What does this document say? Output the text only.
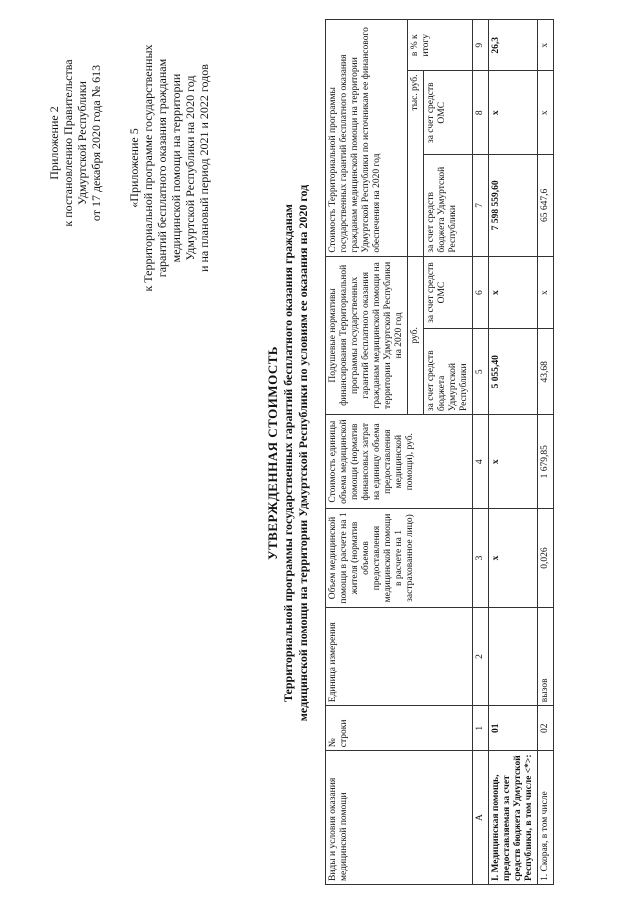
Приложение 2 к постановлению Правительства Удмуртской Республики от 17 декабря 2020 года № 613 «Приложение 5 к Территориальной программе государственных гарантий бесплатного оказания гражданам медицинской помощи на территории Удмуртской Республики на 2020 год и на плановый период 2021 и 2022 годов
УТВЕРЖДЕННАЯ СТОИМОСТЬ Территориальной программы государственных гарантий бесплатного оказания гражданам медицинской помощи на территории Удмуртской Республики по условиям ее оказания на 2020 год
Виды и условия оказания медицинской помощи	№ строки	Единица измерения	Объем медицинской помощи в расчете на 1 жителя (норматив объемов предоставления медицинской помощи в расчете на 1 застрахованное лицо)	Стоимость единицы объема медицинской помощи (норматив финансовых затрат на единицу объема предоставления медицинской помощи), руб.	Подушевые нормативы финансирования Территориальной программы государственных гарантий бесплатного оказания гражданам медицинской помощи на территории Удмуртской Республики на 2020 год		Стоимость Территориальной программы государственных гарантий бесплатного оказания гражданам медицинской помощи на территории Удмуртской Республики по источникам ее финансового обеспечения на 2020 год		
					руб.		тыс. руб.		в % к итогу
					за счет средств бюджета Удмуртской Республики	за счет средств ОМС	за счет средств бюджета Удмуртской Республики	за счет средств ОМС	
А	1	2	3	4	5	6	7	8	9
I. Медицинская помощь, предоставляемая за счет средств бюджета Удмуртской Республики, в том числе <*>:	01		x	x	5 055,40	x	7 598 559,60	x	26,3
1. Скорая, в том числе	02	вызов	0,026	1 679,85	43,68	x	65 647,6	x	x
